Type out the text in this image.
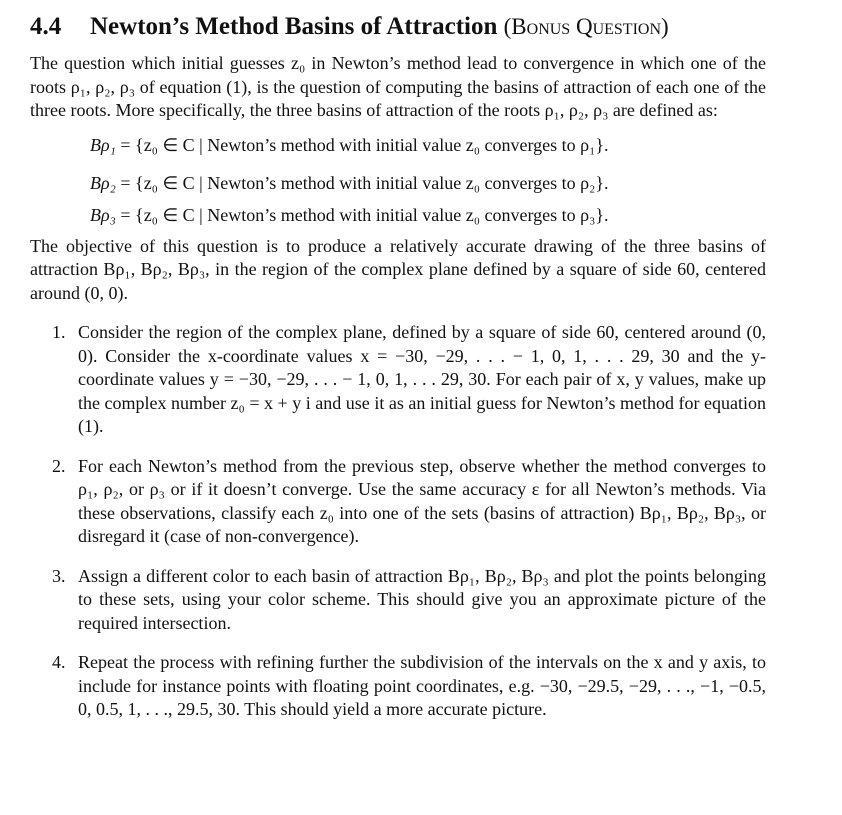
4.4 Newton’s Method Basins of Attraction (Bonus Question)

The question which initial guesses z₀ in Newton’s method lead to convergence in which one of the roots ρ₁, ρ₂, ρ₃ of equation (1), is the question of computing the basins of attraction of each one of the three roots. More specifically, the three basins of attraction of the roots ρ₁, ρ₂, ρ₃ are defined as:

Bρ₁ = {z₀ ∈ C | Newton’s method with initial value z₀ converges to ρ₁}.
Bρ₂ = {z₀ ∈ C | Newton’s method with initial value z₀ converges to ρ₂}.
Bρ₃ = {z₀ ∈ C | Newton’s method with initial value z₀ converges to ρ₃}.

The objective of this question is to produce a relatively accurate drawing of the three basins of attraction Bρ₁, Bρ₂, Bρ₃, in the region of the complex plane defined by a square of side 60, centered around (0, 0).

1. Consider the region of the complex plane, defined by a square of side 60, centered around (0, 0). Consider the x-coordinate values x = −30, −29, . . . − 1, 0, 1, . . . 29, 30 and the y-coordinate values y = −30, −29, . . . − 1, 0, 1, . . . 29, 30. For each pair of x, y values, make up the complex number z₀ = x + y i and use it as an initial guess for Newton’s method for equation (1).
2. For each Newton’s method from the previous step, observe whether the method converges to ρ₁, ρ₂, or ρ₃ or if it doesn’t converge. Use the same accuracy ε for all Newton’s methods. Via these observations, classify each z₀ into one of the sets (basins of attraction) Bρ₁, Bρ₂, Bρ₃, or disregard it (case of non-convergence).
3. Assign a different color to each basin of attraction Bρ₁, Bρ₂, Bρ₃ and plot the points belonging to these sets, using your color scheme. This should give you an approximate picture of the required intersection.
4. Repeat the process with refining further the subdivision of the intervals on the x and y axis, to include for instance points with floating point coordinates, e.g. −30, −29.5, −29, . . ., −1, −0.5, 0, 0.5, 1, . . ., 29.5, 30. This should yield a more accurate picture.
